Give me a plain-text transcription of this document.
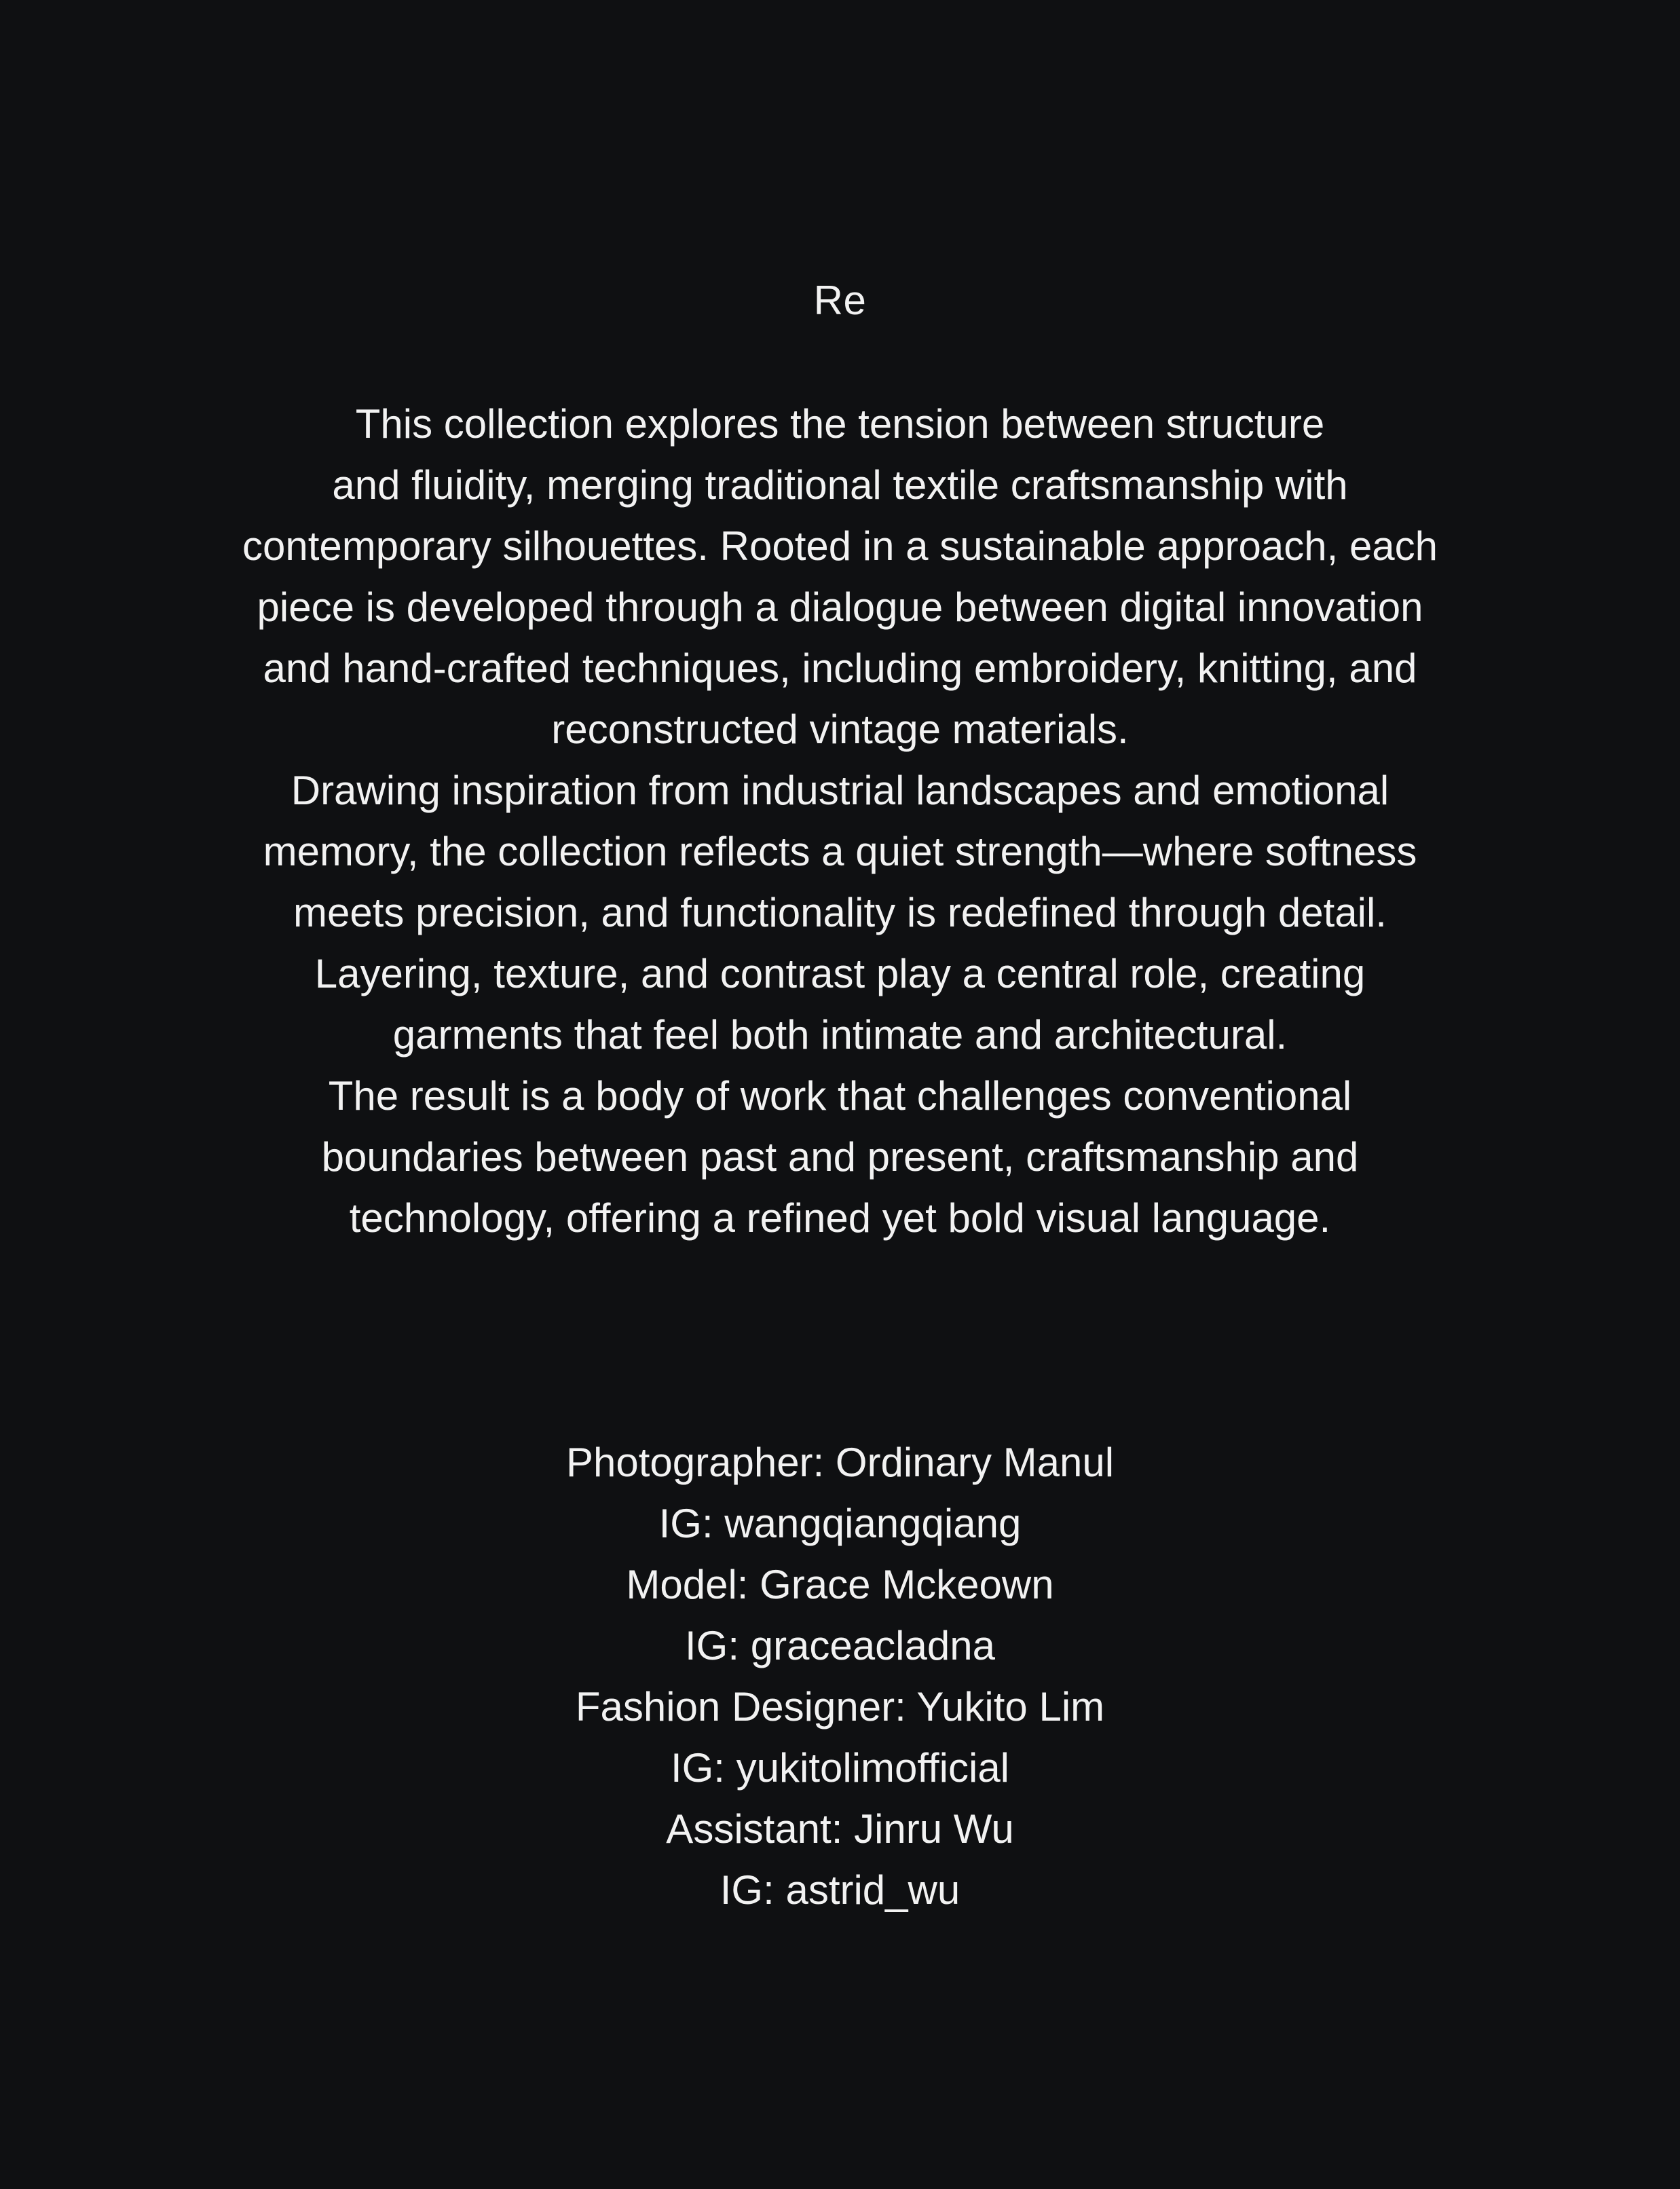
Re
This collection explores the tension between structure
and fluidity, merging traditional textile craftsmanship with
contemporary silhouettes. Rooted in a sustainable approach, each
piece is developed through a dialogue between digital innovation
and hand-crafted techniques, including embroidery, knitting, and
reconstructed vintage materials.
Drawing inspiration from industrial landscapes and emotional
memory, the collection reflects a quiet strength—where softness
meets precision, and functionality is redefined through detail.
Layering, texture, and contrast play a central role, creating
garments that feel both intimate and architectural.
The result is a body of work that challenges conventional
boundaries between past and present, craftsmanship and
technology, offering a refined yet bold visual language.
Photographer: Ordinary Manul
IG: wangqiangqiang
Model: Grace Mckeown
IG: graceacladna
Fashion Designer: Yukito Lim
IG: yukitolimofficial
Assistant: Jinru Wu
IG: astrid_wu
